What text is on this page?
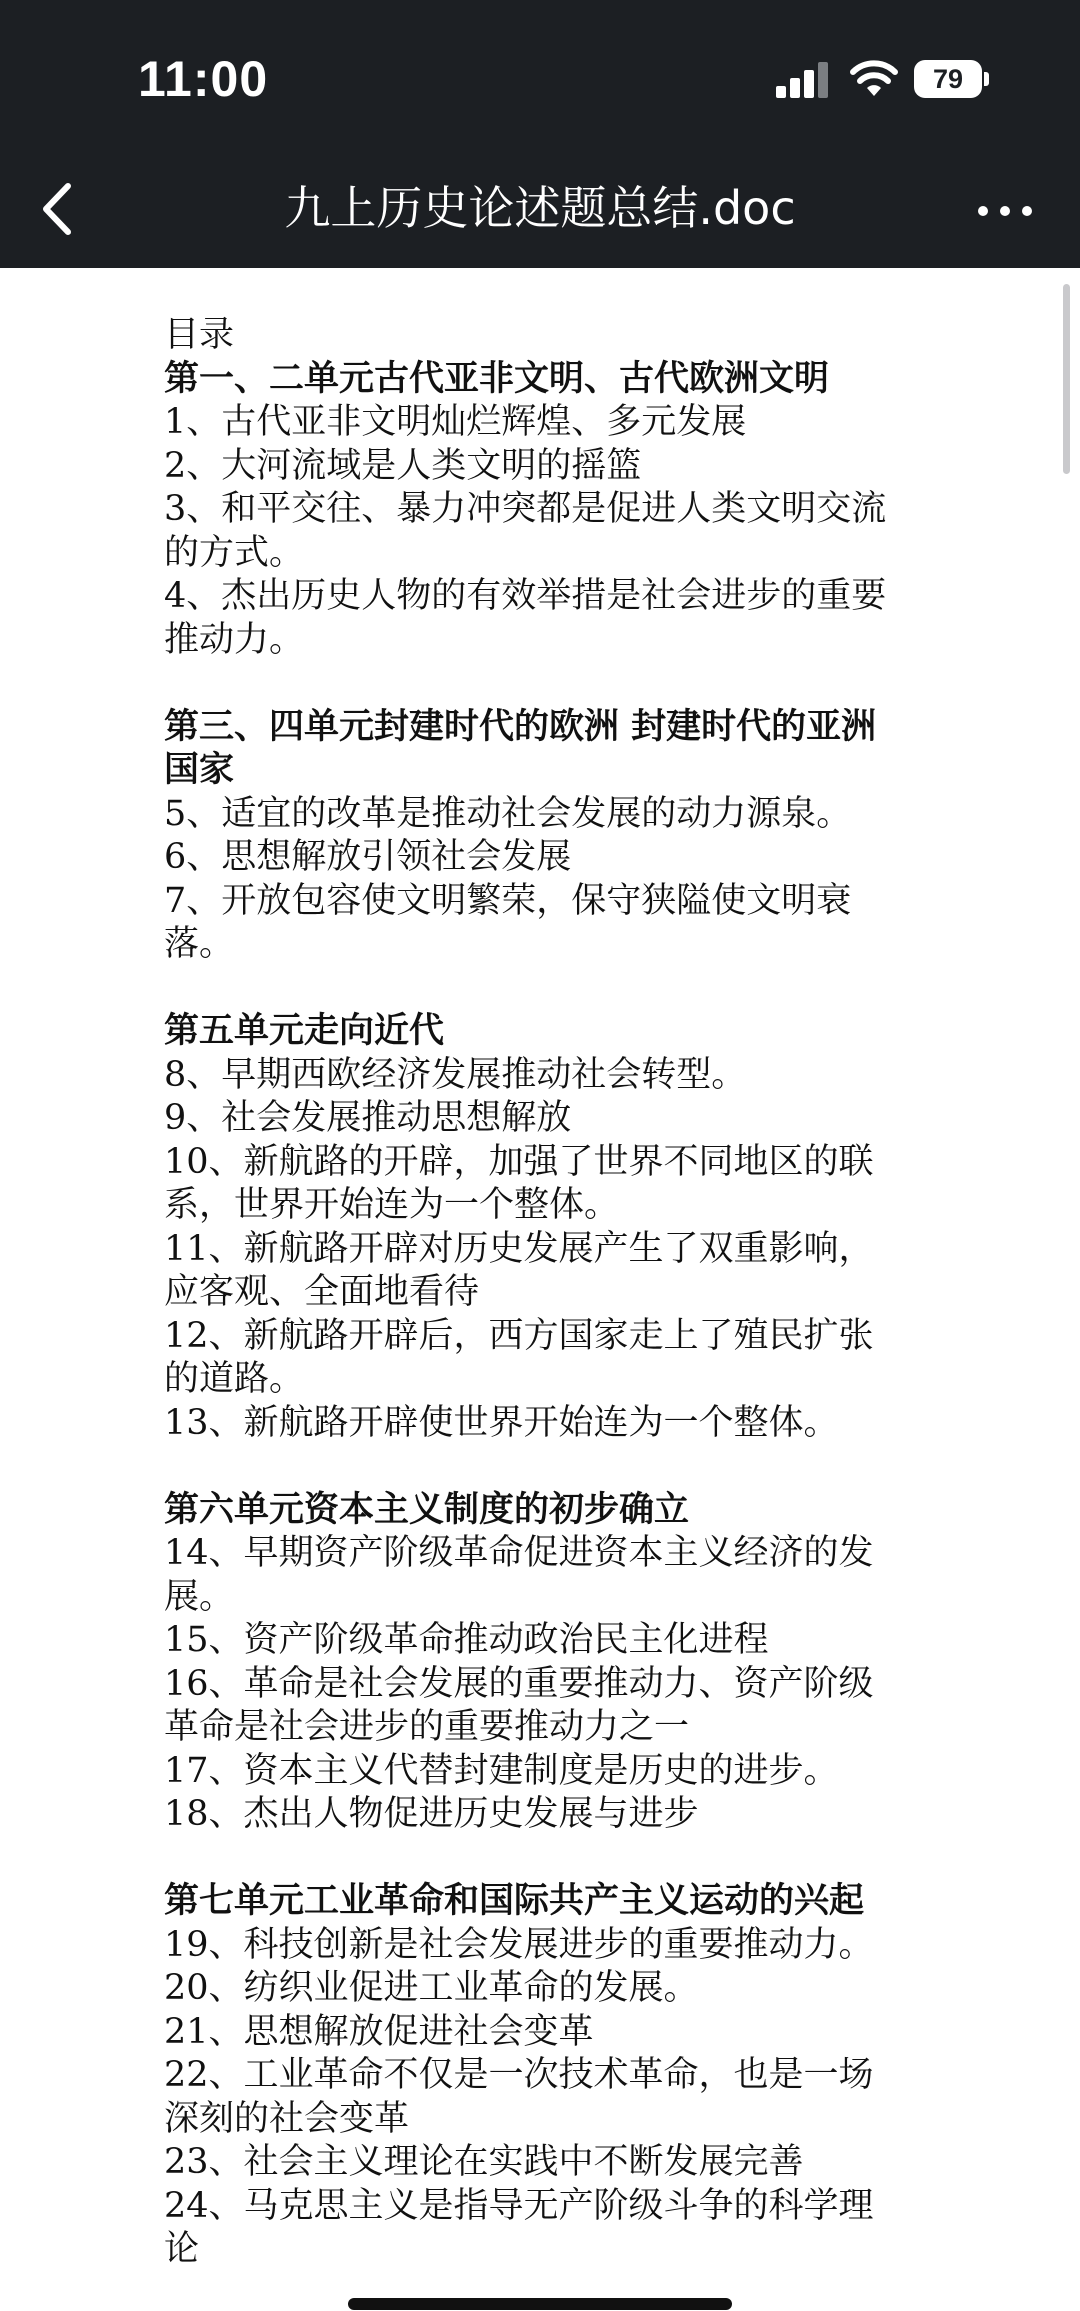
11:00	79
九上历史论述题总结.doc
目录
第一、二单元古代亚非文明、古代欧洲文明
1、古代亚非文明灿烂辉煌、多元发展
2、大河流域是人类文明的摇篮
3、和平交往、暴力冲突都是促进人类文明交流
的方式。
4、杰出历史人物的有效举措是社会进步的重要
推动力。
第三、四单元封建时代的欧洲 封建时代的亚洲
国家
5、适宜的改革是推动社会发展的动力源泉。
6、思想解放引领社会发展
7、开放包容使文明繁荣，保守狭隘使文明衰
落。
第五单元走向近代
8、早期西欧经济发展推动社会转型。
9、社会发展推动思想解放
10、新航路的开辟，加强了世界不同地区的联
系，世界开始连为一个整体。
11、新航路开辟对历史发展产生了双重影响，
应客观、全面地看待
12、新航路开辟后，西方国家走上了殖民扩张
的道路。
13、新航路开辟使世界开始连为一个整体。
第六单元资本主义制度的初步确立
14、早期资产阶级革命促进资本主义经济的发
展。
15、资产阶级革命推动政治民主化进程
16、革命是社会发展的重要推动力、资产阶级
革命是社会进步的重要推动力之一
17、资本主义代替封建制度是历史的进步。
18、杰出人物促进历史发展与进步
第七单元工业革命和国际共产主义运动的兴起
19、科技创新是社会发展进步的重要推动力。
20、纺织业促进工业革命的发展。
21、思想解放促进社会变革
22、工业革命不仅是一次技术革命，也是一场
深刻的社会变革
23、社会主义理论在实践中不断发展完善
24、马克思主义是指导无产阶级斗争的科学理
论
